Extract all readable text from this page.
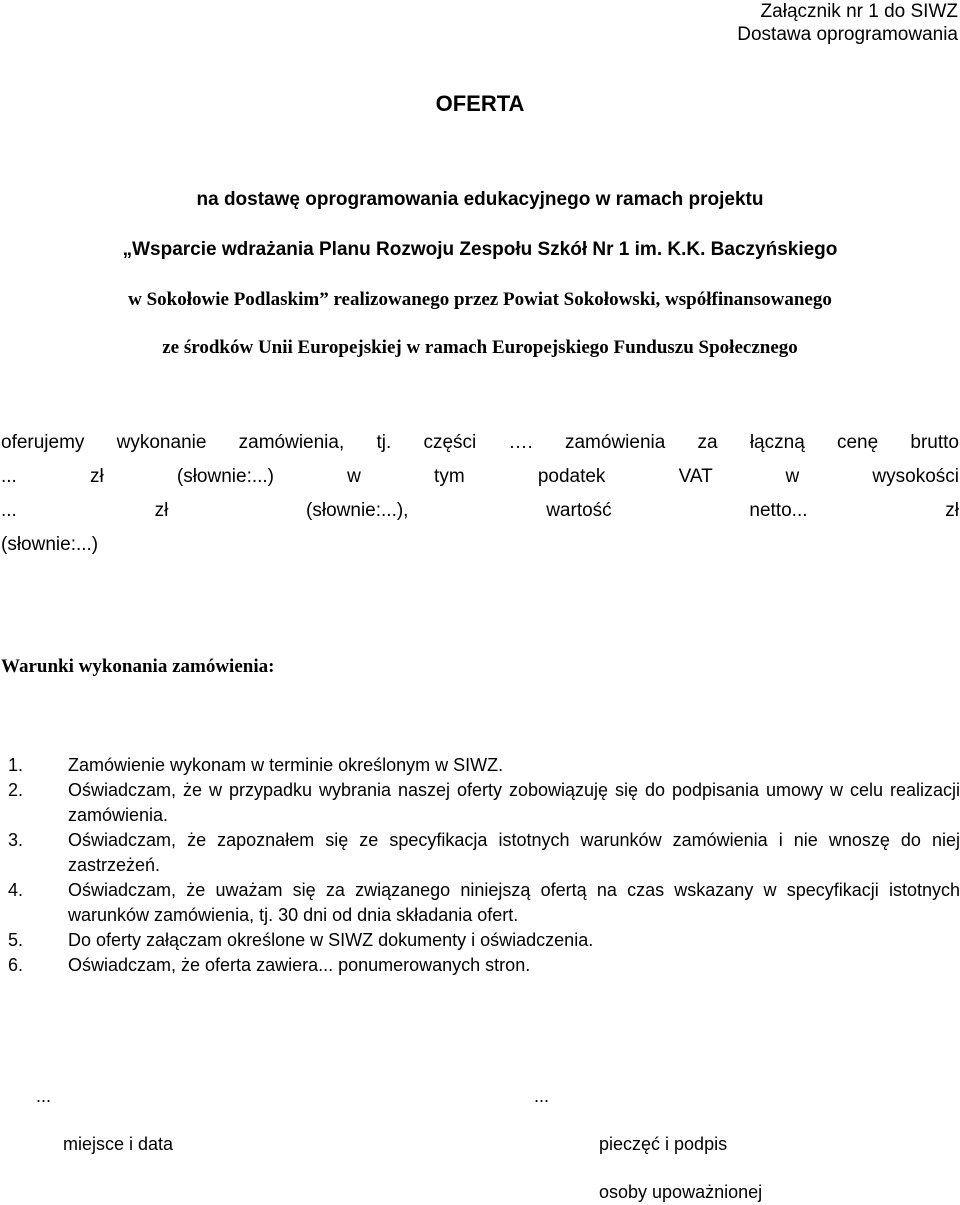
Załącznik nr 1 do SIWZ
Dostawa oprogramowania
OFERTA
na dostawę oprogramowania edukacyjnego w ramach projektu
„Wsparcie wdrażania Planu Rozwoju Zespołu Szkół Nr 1 im. K.K. Baczyńskiego
w Sokołowie Podlaskim” realizowanego przez Powiat Sokołowski, współfinansowanego
ze środków Unii Europejskiej w ramach Europejskiego Funduszu Społecznego
oferujemy wykonanie zamówienia, tj. części …. zamówienia za łączną cenę brutto
... zł (słownie:...) w tym podatek VAT w wysokości
... zł (słownie:...), wartość netto... zł
(słownie:...)
Warunki wykonania zamówienia:
1.	Zamówienie wykonam w terminie określonym w SIWZ.
2.	Oświadczam, że w przypadku wybrania naszej oferty zobowiązuję się do podpisania umowy w celu realizacji zamówienia.
3.	Oświadczam, że zapoznałem się ze specyfikacja istotnych warunków zamówienia i nie wnoszę do niej zastrzeżeń.
4.	Oświadczam, że uważam się za związanego niniejszą ofertą na czas wskazany w specyfikacji istotnych warunków zamówienia, tj. 30 dni od dnia składania ofert.
5.	Do oferty załączam określone w SIWZ dokumenty i oświadczenia.
6.	Oświadczam, że oferta zawiera... ponumerowanych stron.
...	...
miejsce i data	pieczęć i podpis
osoby upoważnionej
